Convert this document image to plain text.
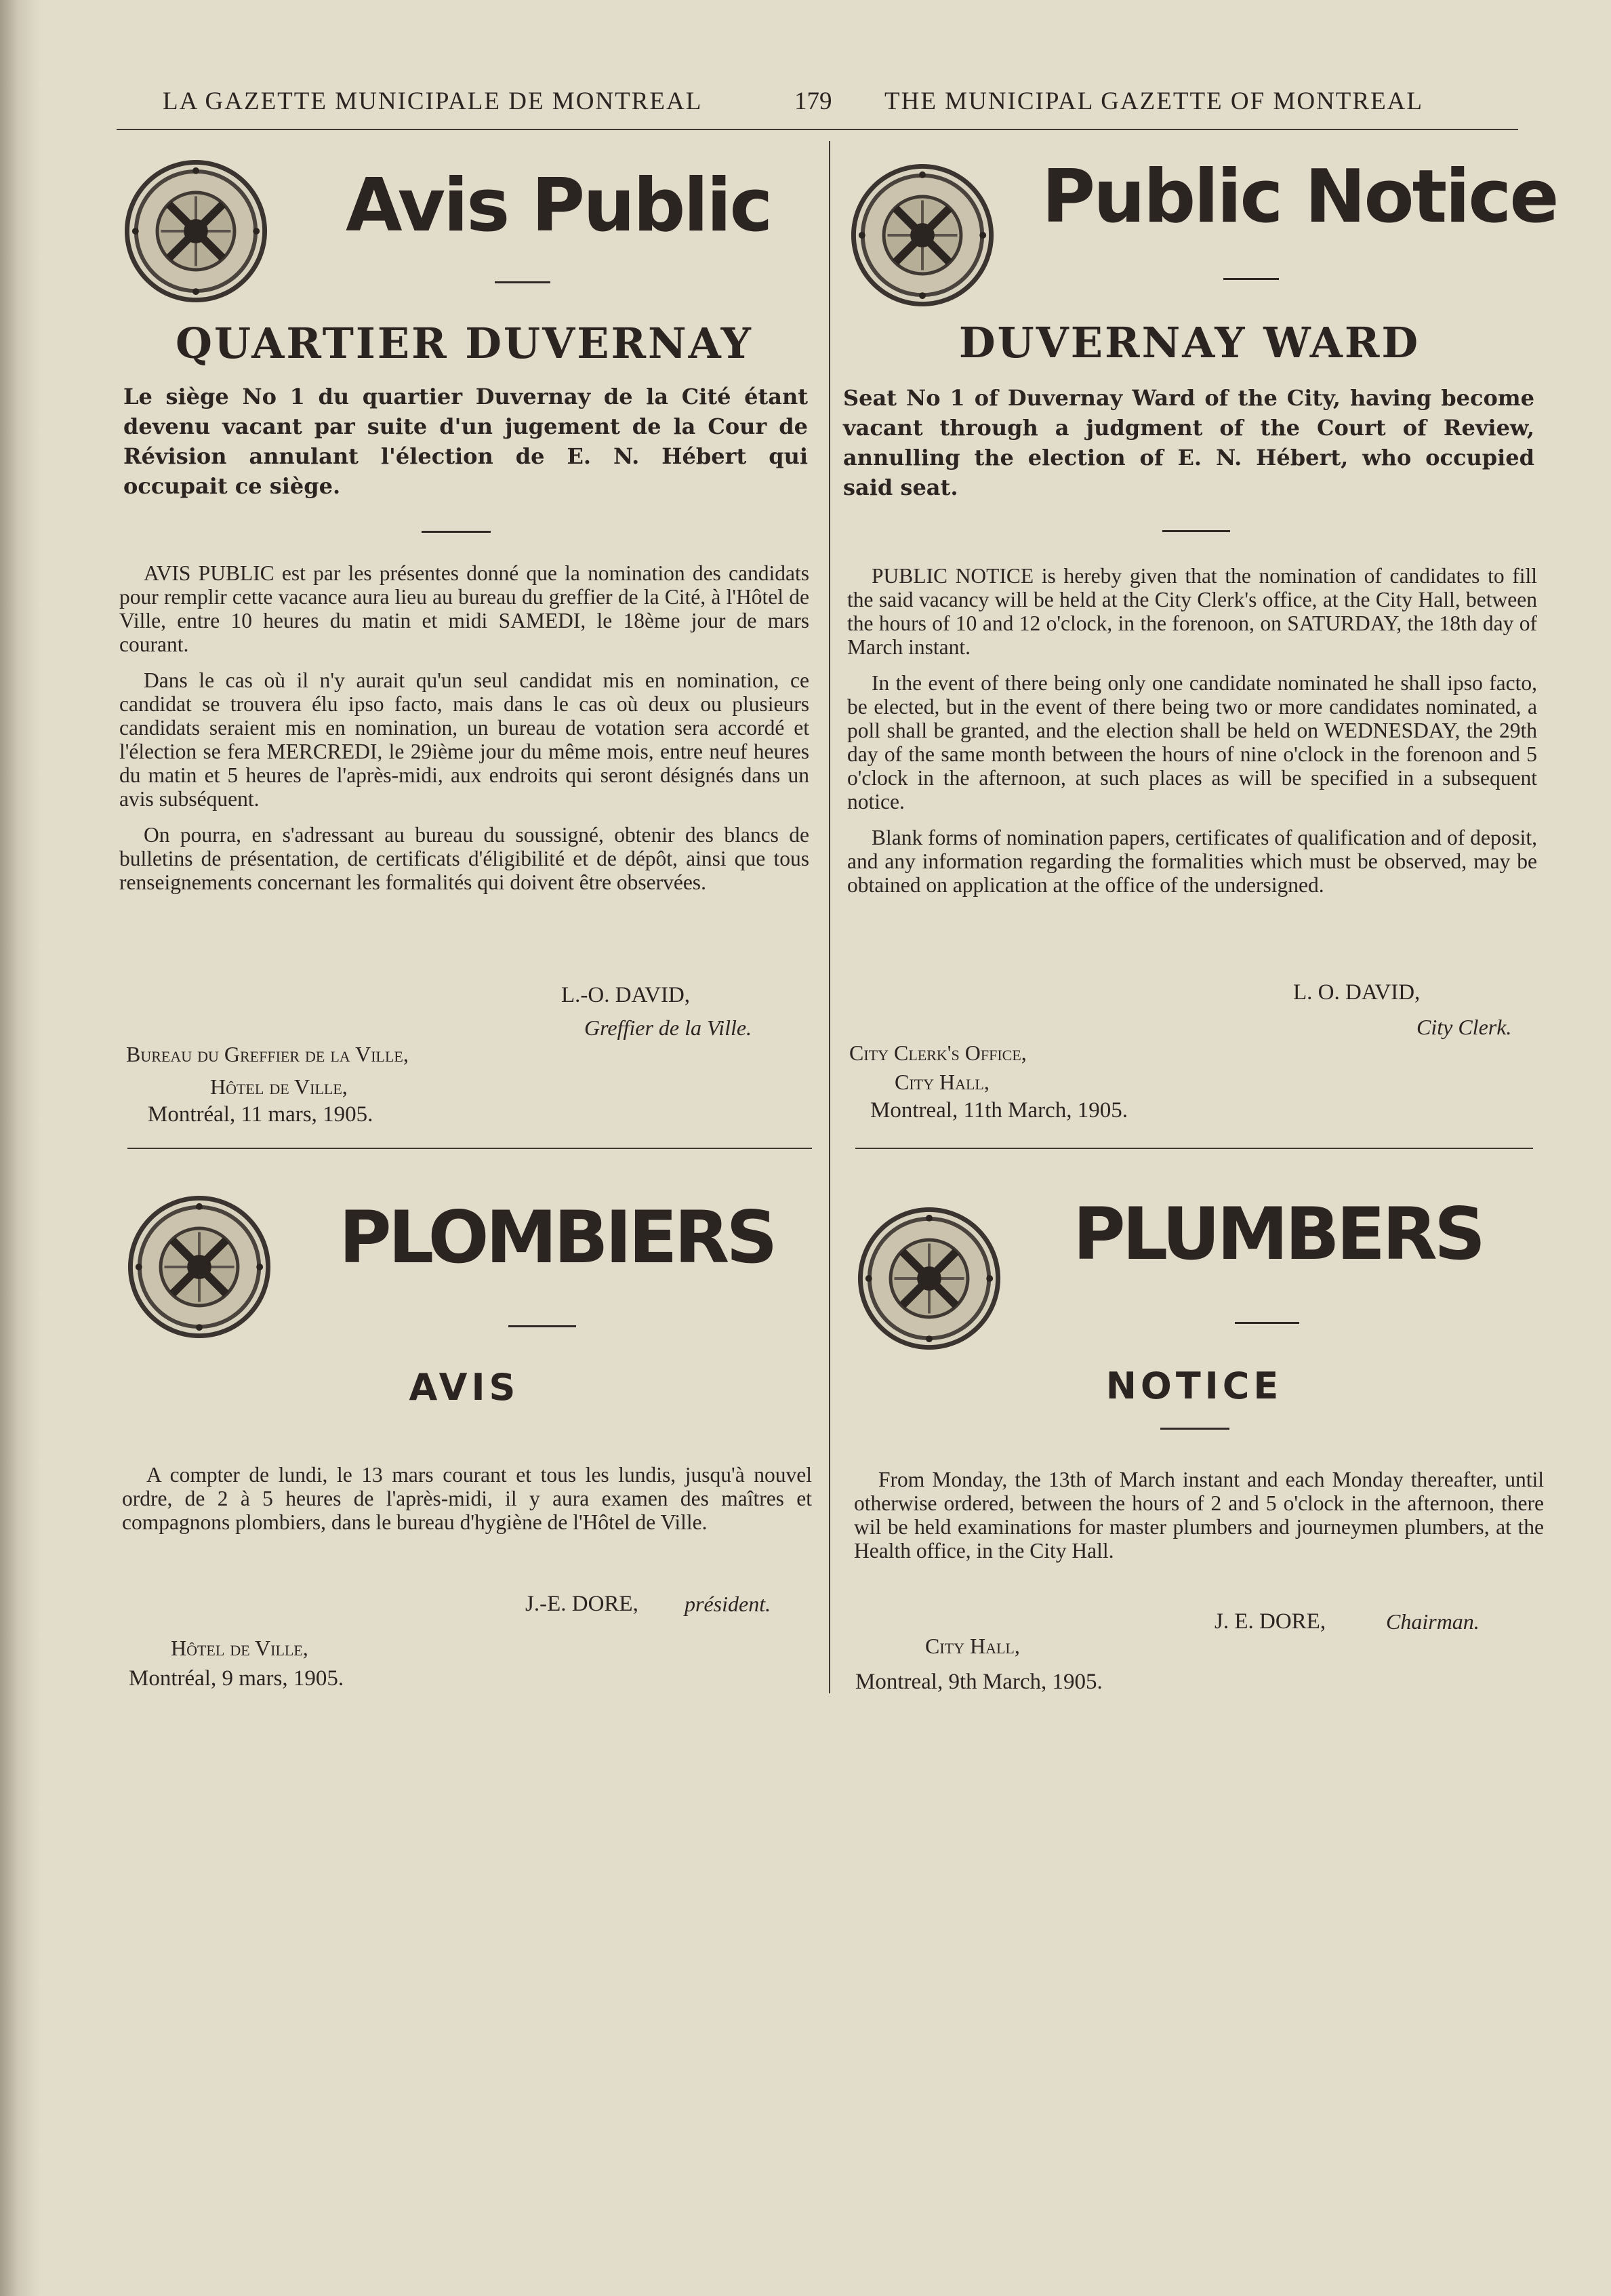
LA GAZETTE MUNICIPALE DE MONTREAL	179 THE MUNICIPAL GAZETTE OF MONTREAL
Avis Public
QUARTIER DUVERNAY
Le siège No 1 du quartier Duvernay de la Cité étant devenu vacant par suite d'un jugement de la Cour de Révision annulant l'élection de E. N. Hébert qui occupait ce siège.

AVIS PUBLIC est par les présentes donné que la nomination des candidats pour remplir cette vacance aura lieu au bureau du greffier de la Cité, à l'Hôtel de Ville, entre 10 heures du matin et midi SAMEDI, le 18ème jour de mars courant.

Dans le cas où il n'y aurait qu'un seul candidat mis en nomination, ce candidat se trouvera élu ipso facto, mais dans le cas où deux ou plusieurs candidats seraient mis en nomination, un bureau de votation sera accordé et l'élection se fera MERCREDI, le 29ième jour du même mois, entre neuf heures du matin et 5 heures de l'après-midi, aux endroits qui seront désignés dans un avis subséquent.

On pourra, en s'adressant au bureau du soussigné, obtenir des blancs de bulletins de présentation, de certificats d'éligibilité et de dépôt, ainsi que tous renseignements concernant les formalités qui doivent être observées.

L.-O. DAVID,
Greffier de la Ville.
Bureau du Greffier de la Ville,
Hôtel de Ville,
Montréal, 11 mars, 1905.
Public Notice
DUVERNAY WARD
Seat No 1 of Duvernay Ward of the City, having become vacant through a judgment of the Court of Review, annulling the election of E. N. Hébert, who occupied said seat.

PUBLIC NOTICE is hereby given that the nomination of candidates to fill the said vacancy will be held at the City Clerk's office, at the City Hall, between the hours of 10 and 12 o'clock, in the forenoon, on SATURDAY, the 18th day of March instant.

In the event of there being only one candidate nominated he shall ipso facto, be elected, but in the event of there being two or more candidates nominated, a poll shall be granted, and the election shall be held on WEDNESDAY, the 29th day of the same month between the hours of nine o'clock in the forenoon and 5 o'clock in the afternoon, at such places as will be specified in a subsequent notice.

Blank forms of nomination papers, certificates of qualification and of deposit, and any information regarding the formalities which must be observed, may be obtained on application at the office of the undersigned.

L. O. DAVID,
City Clerk.
City Clerk's Office,
City Hall,
Montreal, 11th March, 1905.
PLOMBIERS
AVIS

A compter de lundi, le 13 mars courant et tous les lundis, jusqu'à nouvel ordre, de 2 à 5 heures de l'après-midi, il y aura examen des maîtres et compagnons plombiers, dans le bureau d'hygiène de l'Hôtel de Ville.

J.-E. DORE, président.
Hôtel de Ville,
Montréal, 9 mars, 1905.
PLUMBERS
NOTICE

From Monday, the 13th of March instant and each Monday thereafter, until otherwise ordered, between the hours of 2 and 5 o'clock in the afternoon, there wil be held examinations for master plumbers and journeymen plumbers, at the Health office, in the City Hall.

J. E. DORE,	Chairman.
City Hall,
Montreal, 9th March, 1905.
